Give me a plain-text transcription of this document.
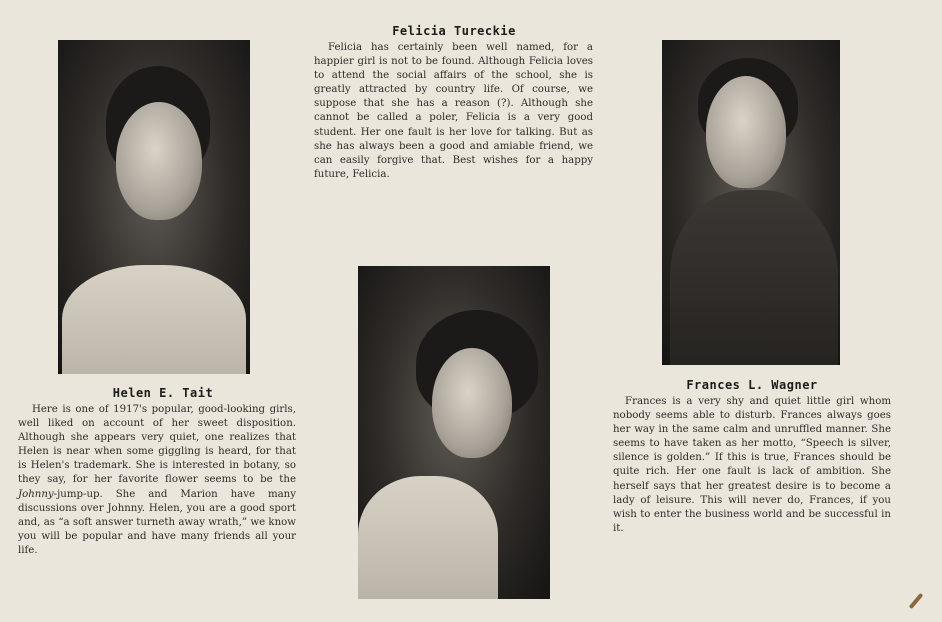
Felicia Tureckie

Felicia has certainly been well named, for a happier girl is not to be found. Although Felicia loves to attend the social affairs of the school, she is greatly attracted by country life. Of course, we suppose that she has a reason (?). Although she cannot be called a poler, Felicia is a very good student. Her one fault is her love for talking. But as she has always been a good and amiable friend, we can easily forgive that. Best wishes for a happy future, Felicia.

Helen E. Tait

Here is one of 1917's popular, good-looking girls, well liked on account of her sweet disposition. Although she appears very quiet, one realizes that Helen is near when some giggling is heard, for that is Helen's trademark. She is interested in botany, so they say, for her favorite flower seems to be the Johnny-jump-up. She and Marion have many discussions over Johnny. Helen, you are a good sport and, as “a soft answer turneth away wrath,” we know you will be popular and have many friends all your life.

Frances L. Wagner

Frances is a very shy and quiet little girl whom nobody seems able to disturb. Frances always goes her way in the same calm and unruffled manner. She seems to have taken as her motto, “Speech is silver, silence is golden.” If this is true, Frances should be quite rich. Her one fault is lack of ambition. She herself says that her greatest desire is to become a lady of leisure. This will never do, Frances, if you wish to enter the business world and be successful in it.
